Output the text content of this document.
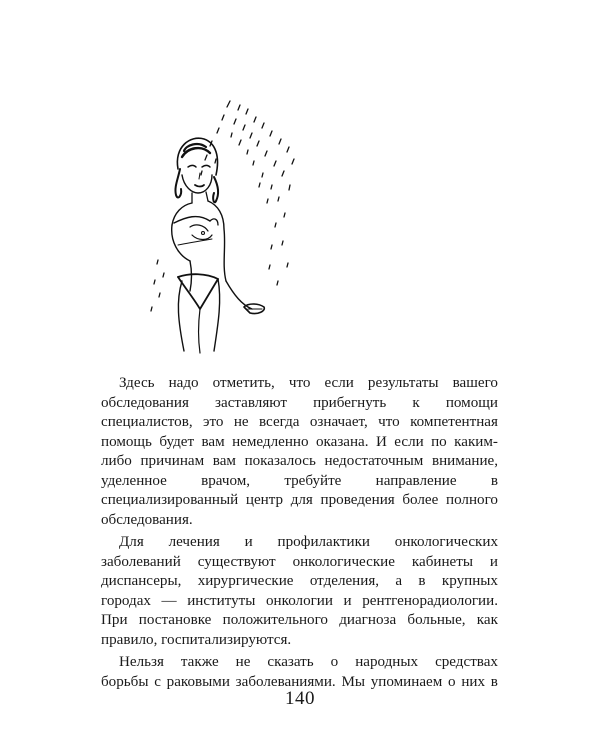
Здесь надо отметить, что если результаты вашего
обследования заставляют прибегнуть к помощи
специалистов, это не всегда означает, что компетентная
помощь будет вам немедленно оказана. И если по каким-
либо причинам вам показалось недостаточным внимание,
уделенное врачом, требуйте направление в
специализированный центр для проведения более полного
обследования.
Для лечения и профилактики онкологических
заболеваний существуют онкологические кабинеты и
диспансеры, хирургические отделения, а в крупных
городах — институты онкологии и рентгенорадиологии.
При постановке положительного диагноза больные, как
правило, госпитализируются.
Нельзя также не сказать о народных средствах
борьбы с раковыми заболеваниями. Мы упоминаем о них в
140
